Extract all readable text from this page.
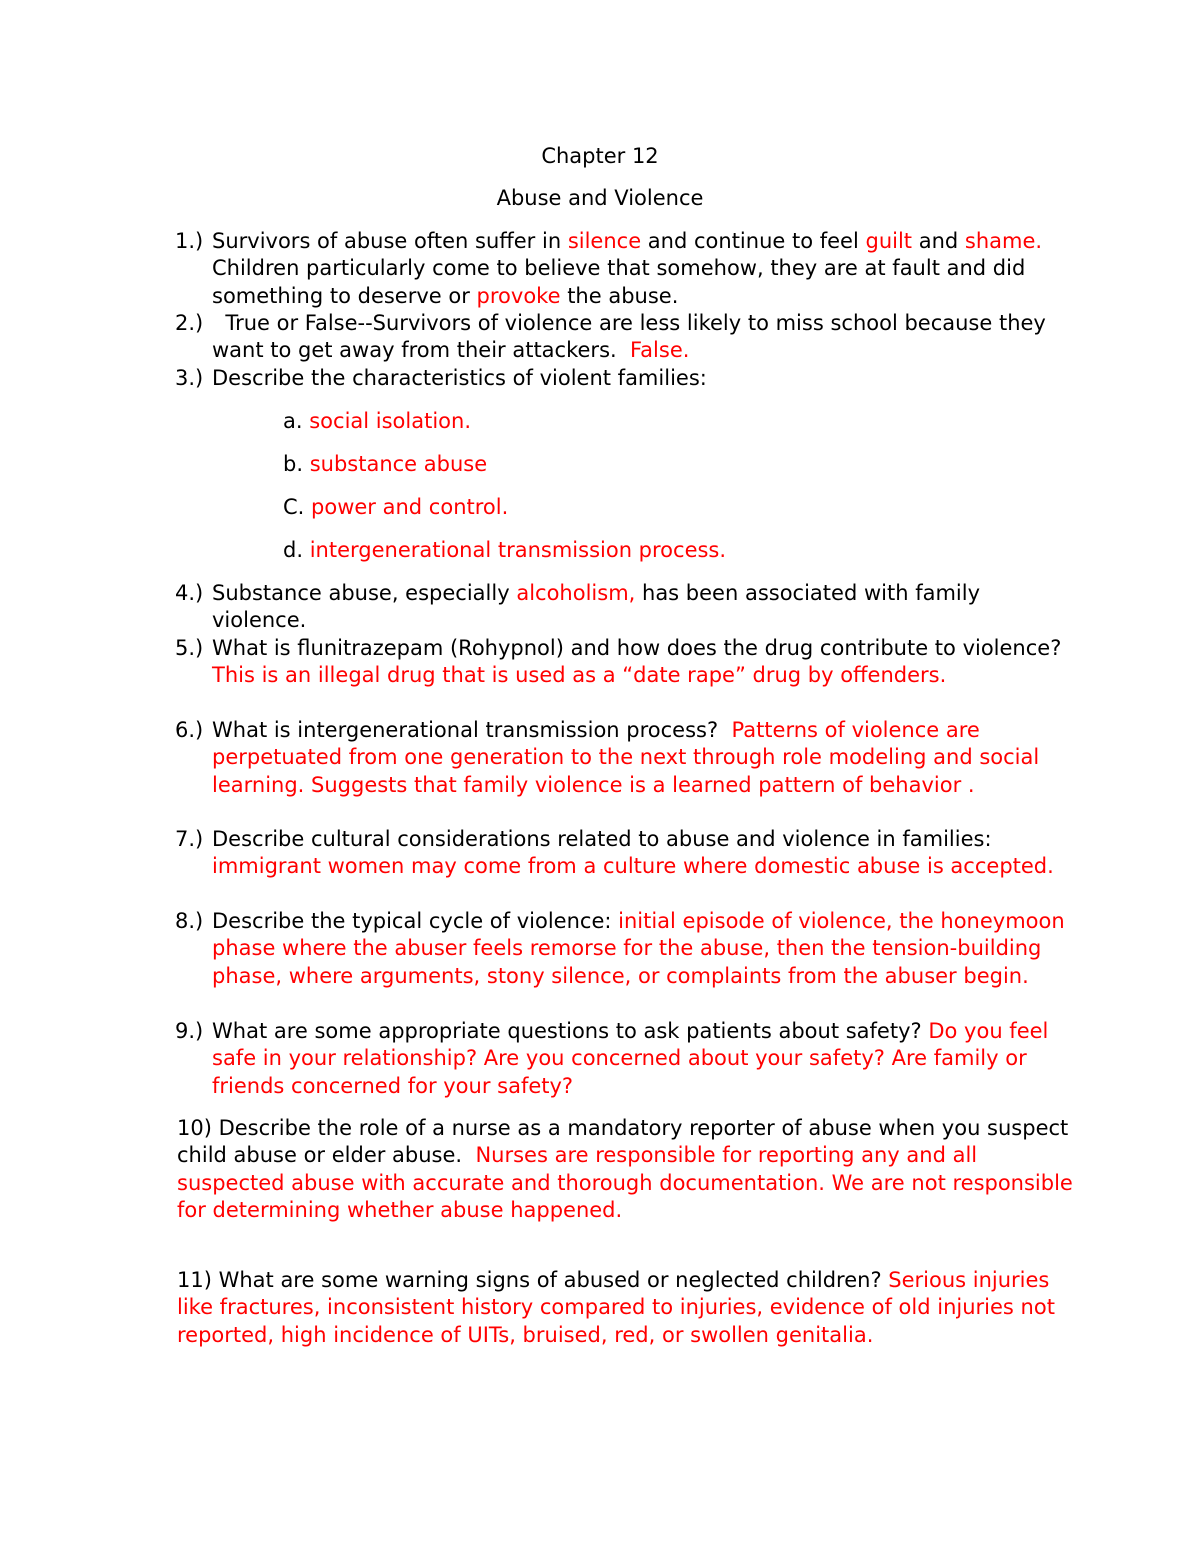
Chapter 12
Abuse and Violence
1.) Survivors of abuse often suffer in silence and continue to feel guilt and shame. Children particularly come to believe that somehow, they are at fault and did something to deserve or provoke the abuse.
2.) True or False--Survivors of violence are less likely to miss school because they want to get away from their attackers.  False.
3.) Describe the characteristics of violent families:
a. social isolation.
b. substance abuse
C. power and control.
d. intergenerational transmission process.
4.) Substance abuse, especially alcoholism, has been associated with family violence.
5.) What is flunitrazepam (Rohypnol) and how does the drug contribute to violence?  This is an illegal drug that is used as a “date rape” drug by offenders.
6.) What is intergenerational transmission process?  Patterns of violence are perpetuated from one generation to the next through role modeling and social learning. Suggests that family violence is a learned pattern of behavior .
7.) Describe cultural considerations related to abuse and violence in families: immigrant women may come from a culture where domestic abuse is accepted.
8.) Describe the typical cycle of violence: initial episode of violence, the honeymoon phase where the abuser feels remorse for the abuse, then the tension-building phase, where arguments, stony silence, or complaints from the abuser begin.
9.) What are some appropriate questions to ask patients about safety? Do you feel safe in your relationship? Are you concerned about your safety? Are family or friends concerned for your safety?
10) Describe the role of a nurse as a mandatory reporter of abuse when you suspect child abuse or elder abuse.  Nurses are responsible for reporting any and all suspected abuse with accurate and thorough documentation. We are not responsible for determining whether abuse happened.
11) What are some warning signs of abused or neglected children? Serious injuries like fractures, inconsistent history compared to injuries, evidence of old injuries not reported, high incidence of UITs, bruised, red, or swollen genitalia.
